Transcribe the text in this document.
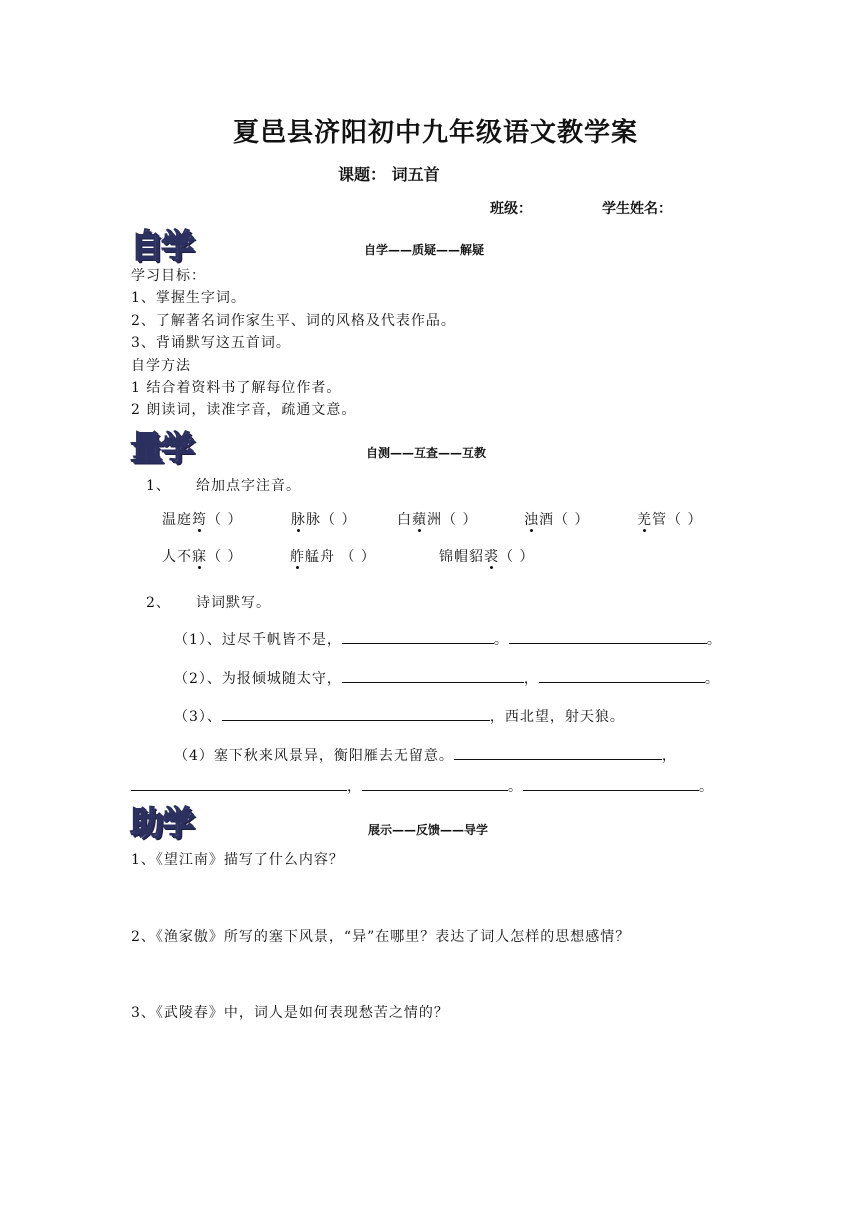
夏邑县济阳初中九年级语文教学案
课题： 词五首
班级：	学生姓名：
自学	自学——质疑——解疑
学习目标：
1、掌握生字词。
2、了解著名词作家生平、词的风格及代表作品。
3、背诵默写这五首词。
自学方法
1 结合着资料书了解每位作者。
2 朗读词，读准字音，疏通文意。
量学	自测——互查——互教
1、 给加点字注音。
温庭筠（ ）	脉脉（ ）	白蘋洲（ ）	浊酒（ ）	羌管（ ）
人不寐（ ）	舴艋舟 （ ）	锦帽貂裘（ ）
2、 诗词默写。
（1）、过尽千帆皆不是，	。	。
（2）、为报倾城随太守，	，	。
（3）、	，西北望，射天狼。
（4）塞下秋来风景异，衡阳雁去无留意。	，
，	。	。
助学	展示——反馈——导学
1、《望江南》描写了什么内容？
2、《渔家傲》所写的塞下风景，“异”在哪里？表达了词人怎样的思想感情？
3、《武陵春》中，词人是如何表现愁苦之情的？
